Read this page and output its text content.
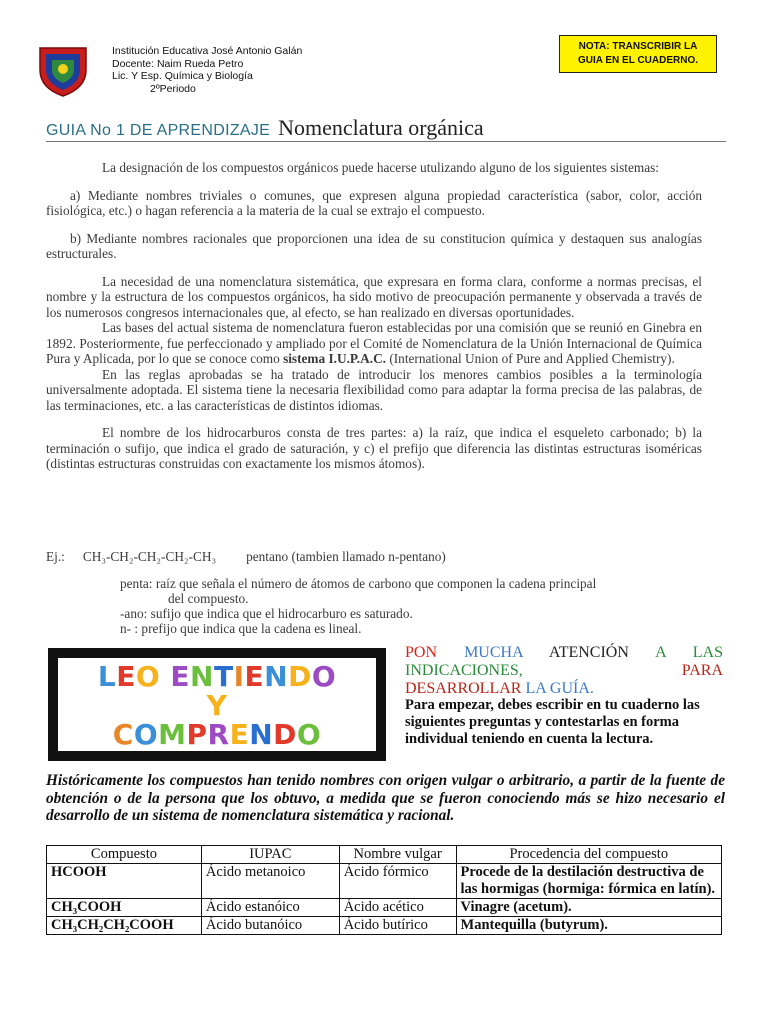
Institución Educativa José Antonio Galán
Docente: Naim Rueda Petro
Lic. Y Esp. Química y Biología
2ºPeriodo
NOTA: TRANSCRIBIR LA
GUIA EN EL CUADERNO.
GUIA No 1 DE APRENDIZAJE Nomenclatura orgánica

La designación de los compuestos orgánicos puede hacerse utulizando alguno de los siguientes sistemas:

a) Mediante nombres triviales o comunes, que expresen alguna propiedad característica (sabor, color, acción fisiológica, etc.) o hagan referencia a la materia de la cual se extrajo el compuesto.

b) Mediante nombres racionales que proporcionen una idea de su constitucion química y destaquen sus analogías estructurales.

La necesidad de una nomenclatura sistemática, que expresara en forma clara, conforme a normas precisas, el nombre y la estructura de los compuestos orgánicos, ha sido motivo de preocupación permanente y observada a través de los numerosos congresos internacionales que, al efecto, se han realizado en diversas oportunidades.

Las bases del actual sistema de nomenclatura fueron establecidas por una comisión que se reunió en Ginebra en 1892. Posteriormente, fue perfeccionado y ampliado por el Comité de Nomenclatura de la Unión Internacional de Química Pura y Aplicada, por lo que se conoce como sistema I.U.P.A.C. (International Union of Pure and Applied Chemistry).

En las reglas aprobadas se ha tratado de introducir los menores cambios posibles a la terminología universalmente adoptada. El sistema tiene la necesaria flexibilidad como para adaptar la forma precisa de las palabras, de las terminaciones, etc. a las características de distintos idiomas.

El nombre de los hidrocarburos consta de tres partes: a) la raíz, que indica el esqueleto carbonado; b) la terminación o sufijo, que indica el grado de saturación, y c) el prefijo que diferencia las distintas estructuras isoméricas (distintas estructuras construidas con exactamente los mismos átomos).

Ej.: CH₃-CH₂-CH₂-CH₂-CH₃ pentano (tambien llamado n-pentano)
penta: raíz que señala el número de átomos de carbono que componen la cadena principal
del compuesto.
-ano: sufijo que indica que el hidrocarburo es saturado.
n- : prefijo que indica que la cadena es lineal.
LEO ENTIENDO
Y
COMPRENDO
PON MUCHA ATENCIÓN A LAS
INDICACIONES,	PARA
DESARROLLAR LA GUÍA.
Para empezar, debes escribir en tu cuaderno las siguientes preguntas y contestarlas en forma individual teniendo en cuenta la lectura.
Históricamente los compuestos han tenido nombres con origen vulgar o arbitrario, a partir de la fuente de obtención o de la persona que los obtuvo, a medida que se fueron conociendo más se hizo necesario el desarrollo de un sistema de nomenclatura sistemática y racional.
Compuesto	IUPAC	Nombre vulgar	Procedencia del compuesto
HCOOH	Ácido metanoico	Ácido fórmico	Procede de la destilación destructiva de las hormigas (hormiga: fórmica en latín).
CH₃COOH	Ácido estanóico	Ácido acético	Vinagre (acetum).
CH₃CH₂CH₂COOH	Ácido butanóico	Ácido butírico	Mantequilla (butyrum).
